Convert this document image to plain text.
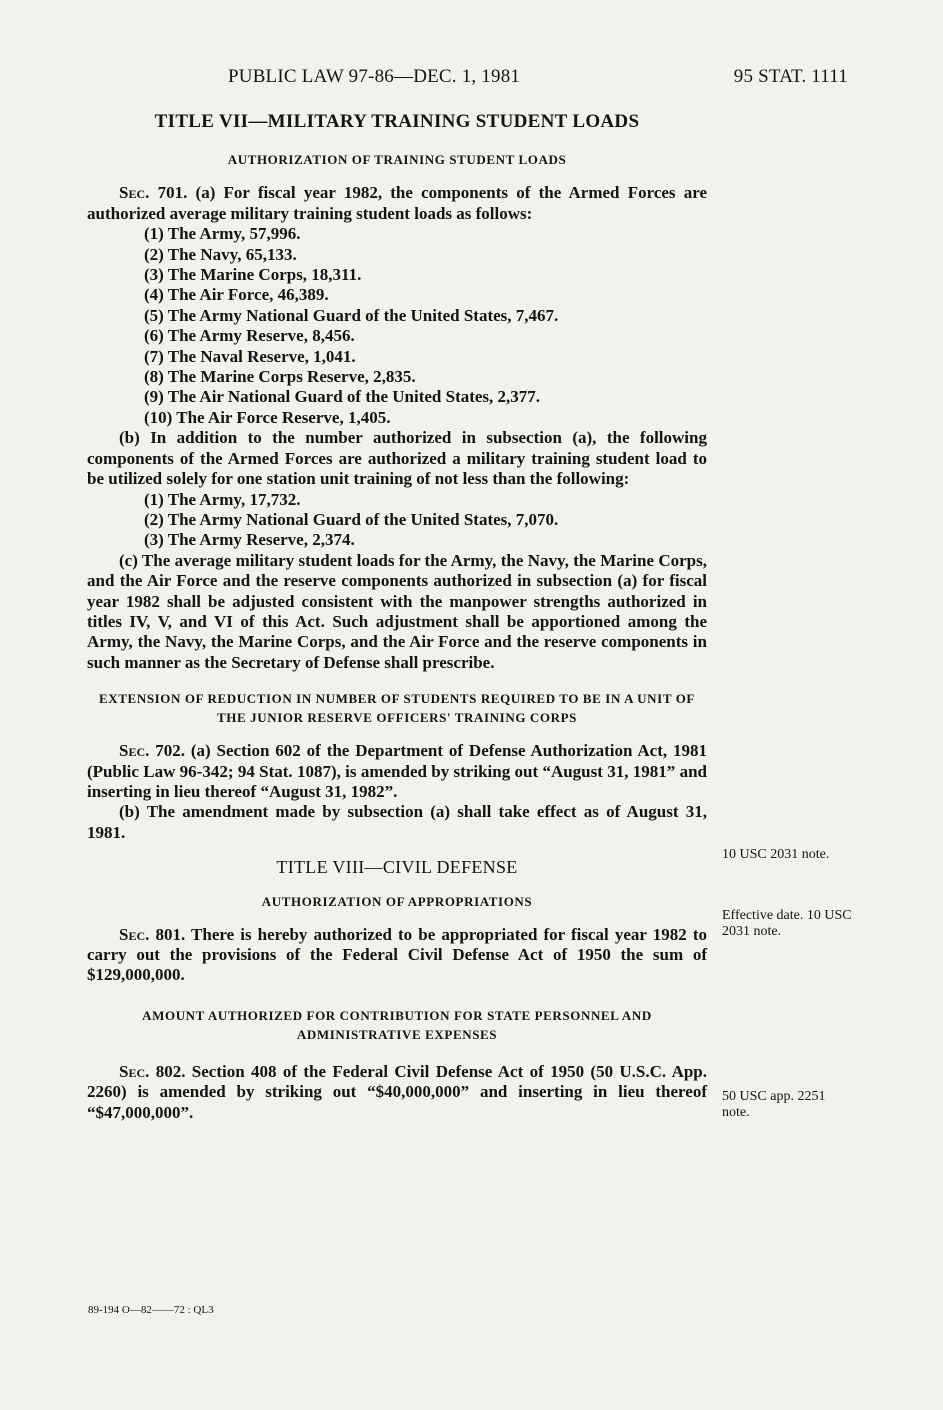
PUBLIC LAW 97-86—DEC. 1, 1981	95 STAT. 1111
TITLE VII—MILITARY TRAINING STUDENT LOADS
AUTHORIZATION OF TRAINING STUDENT LOADS

Sec. 701. (a) For fiscal year 1982, the components of the Armed Forces are authorized average military training student loads as follows:

(1) The Army, 57,996.

(2) The Navy, 65,133.

(3) The Marine Corps, 18,311.

(4) The Air Force, 46,389.

(5) The Army National Guard of the United States, 7,467.

(6) The Army Reserve, 8,456.

(7) The Naval Reserve, 1,041.

(8) The Marine Corps Reserve, 2,835.

(9) The Air National Guard of the United States, 2,377.

(10) The Air Force Reserve, 1,405.

(b) In addition to the number authorized in subsection (a), the following components of the Armed Forces are authorized a military training student load to be utilized solely for one station unit training of not less than the following:

(1) The Army, 17,732.

(2) The Army National Guard of the United States, 7,070.

(3) The Army Reserve, 2,374.

(c) The average military student loads for the Army, the Navy, the Marine Corps, and the Air Force and the reserve components authorized in subsection (a) for fiscal year 1982 shall be adjusted consistent with the manpower strengths authorized in titles IV, V, and VI of this Act. Such adjustment shall be apportioned among the Army, the Navy, the Marine Corps, and the Air Force and the reserve components in such manner as the Secretary of Defense shall prescribe.

EXTENSION OF REDUCTION IN NUMBER OF STUDENTS REQUIRED TO BE IN A UNIT OF THE JUNIOR RESERVE OFFICERS' TRAINING CORPS

Sec. 702. (a) Section 602 of the Department of Defense Authorization Act, 1981 (Public Law 96-342; 94 Stat. 1087), is amended by striking out “August 31, 1981” and inserting in lieu thereof “August 31, 1982”.

(b) The amendment made by subsection (a) shall take effect as of August 31, 1981.

TITLE VIII—CIVIL DEFENSE
AUTHORIZATION OF APPROPRIATIONS

Sec. 801. There is hereby authorized to be appropriated for fiscal year 1982 to carry out the provisions of the Federal Civil Defense Act of 1950 the sum of $129,000,000.

AMOUNT AUTHORIZED FOR CONTRIBUTION FOR STATE PERSONNEL AND ADMINISTRATIVE EXPENSES

Sec. 802. Section 408 of the Federal Civil Defense Act of 1950 (50 U.S.C. App. 2260) is amended by striking out “$40,000,000” and inserting in lieu thereof “$47,000,000”.

10 USC 2031 note.
Effective date. 10 USC 2031 note.
50 USC app. 2251 note.
89-194 O—82——72 : QL3
